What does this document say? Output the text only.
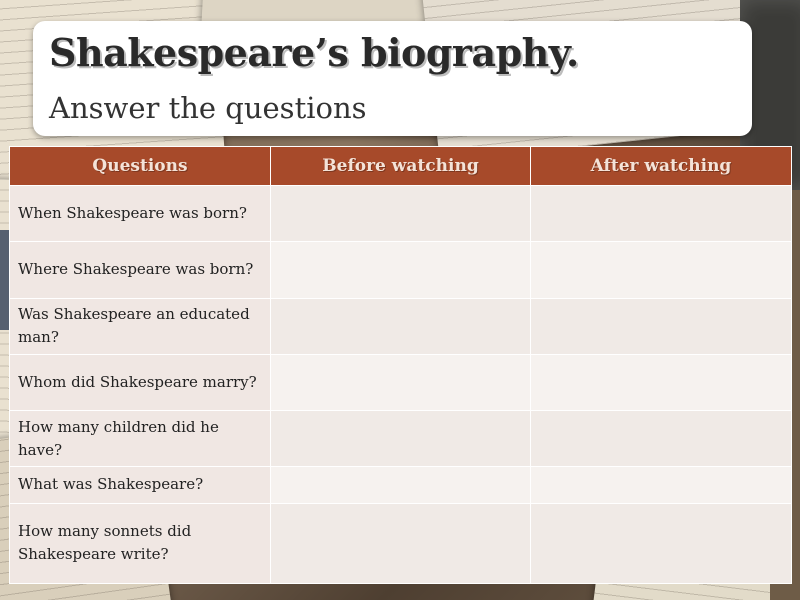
Shakespeare’s biography.
Answer the questions
Questions	Before watching	After watching
When Shakespeare was born?		
Where Shakespeare was born?		
Was Shakespeare an educated man?		
Whom did Shakespeare marry?		
How many children did he have?		
What was Shakespeare?		
How many sonnets did Shakespeare write?		
